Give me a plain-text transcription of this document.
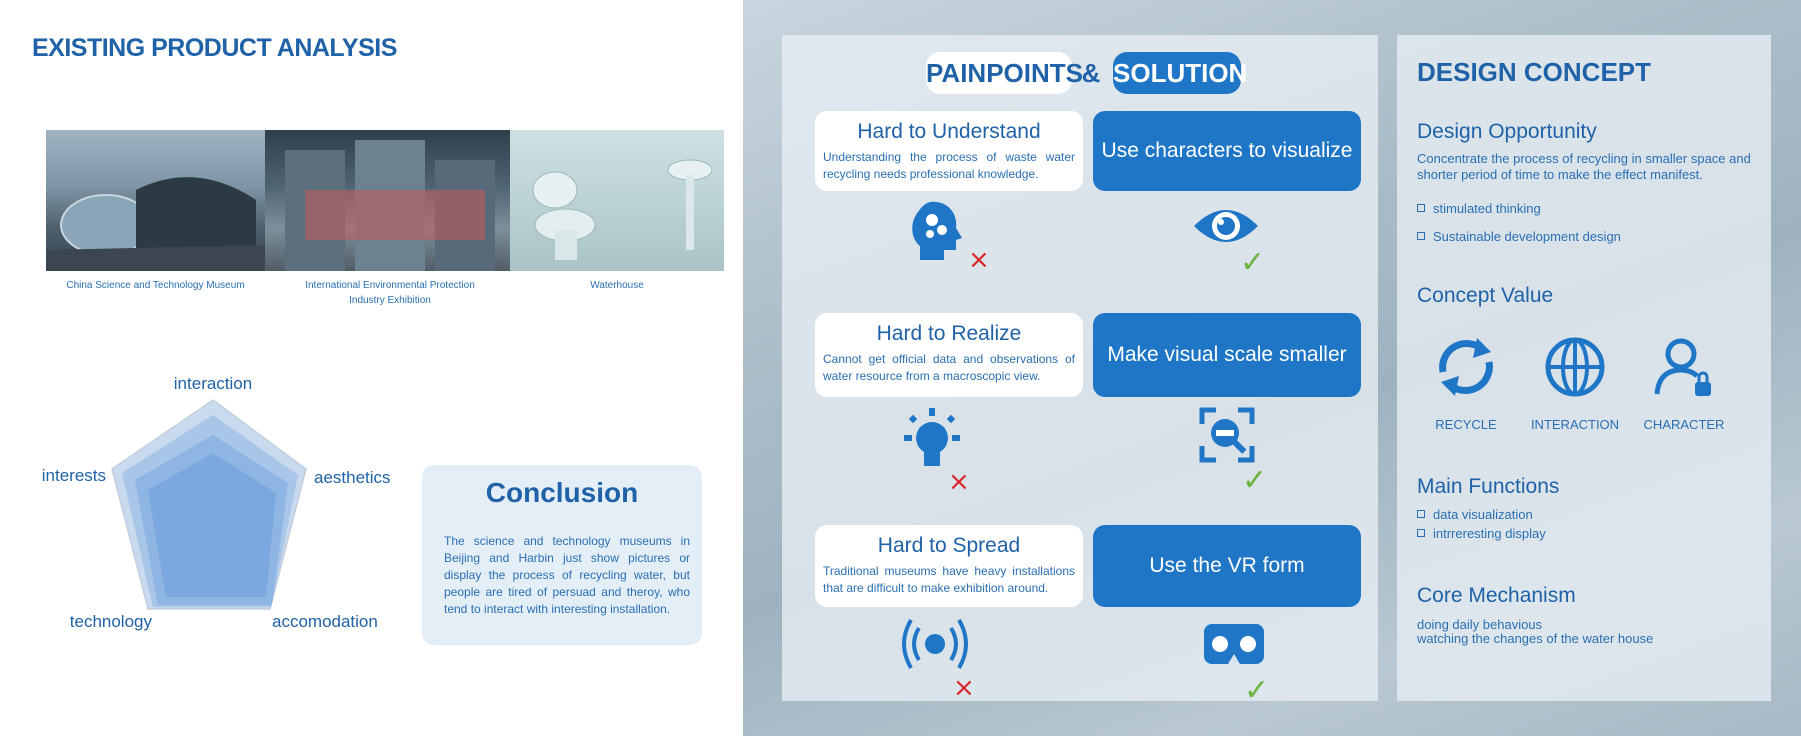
EXISTING PRODUCT ANALYSIS
China Science and Technology Museum	International Environmental Protection Industry Exhibition
Waterhouse
interaction
aesthetics
accomodation
technology
interests
Conclusion

The science and technology museums in Beijing and Harbin just show pictures or display the process of recycling water, but people are tired of persuad and theroy, who tend to interact with interesting installation.

PAINPOINTS
& SOLUTION
Hard to Understand
Understanding the process of waste water recycling needs professional knowledge.
Use characters to visualize
×	✓
Hard to Realize
Cannot get official data and observations of water resource from a macroscopic view.
Make visual scale smaller
×	✓
Hard to Spread
Traditional museums have heavy installations that are difficult to make exhibition around.
Use the VR form
×	✓
DESIGN CONCEPT
Design Opportunity
Concentrate the process of recycling in smaller space and shorter period of time to make the effect manifest.
stimulated thinking
Sustainable development design
Concept Value
RECYCLE	INTERACTION	CHARACTER
Main Functions
data visualization
intrreresting display
Core Mechanism
doing daily behavious
watching the changes of the water house
